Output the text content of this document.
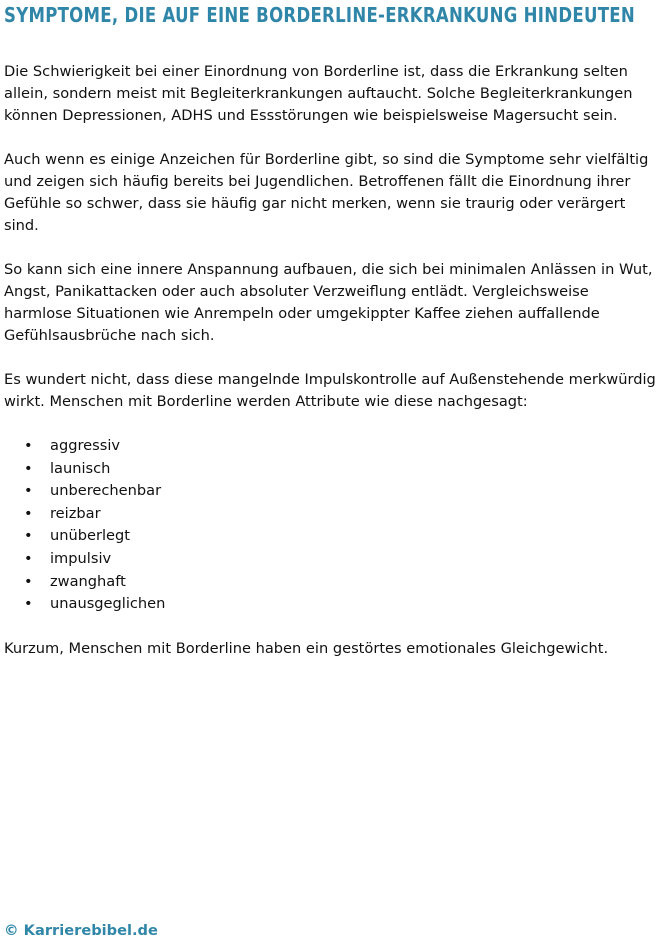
SYMPTOME, DIE AUF EINE BORDERLINE-ERKRANKUNG HINDEUTEN

Die Schwierigkeit bei einer Einordnung von Borderline ist, dass die Erkrankung selten allein, sondern meist mit Begleiterkrankungen auftaucht. Solche Begleiterkrankungen können Depressionen, ADHS und Essstörungen wie beispielsweise Magersucht sein.

Auch wenn es einige Anzeichen für Borderline gibt, so sind die Symptome sehr vielfältig und zeigen sich häufig bereits bei Jugendlichen. Betroffenen fällt die Einordnung ihrer Gefühle so schwer, dass sie häufig gar nicht merken, wenn sie traurig oder verärgert sind.

So kann sich eine innere Anspannung aufbauen, die sich bei minimalen Anlässen in Wut, Angst, Panikattacken oder auch absoluter Verzweiflung entlädt. Vergleichsweise harmlose Situationen wie Anrempeln oder umgekippter Kaffee ziehen auffallende Gefühlsausbrüche nach sich.

Es wundert nicht, dass diese mangelnde Impulskontrolle auf Außenstehende merkwürdig wirkt. Menschen mit Borderline werden Attribute wie diese nachgesagt:

• aggressiv
• launisch
• unberechenbar
• reizbar
• unüberlegt
• impulsiv
• zwanghaft
• unausgeglichen

Kurzum, Menschen mit Borderline haben ein gestörtes emotionales Gleichgewicht.

© Karrierebibel.de
